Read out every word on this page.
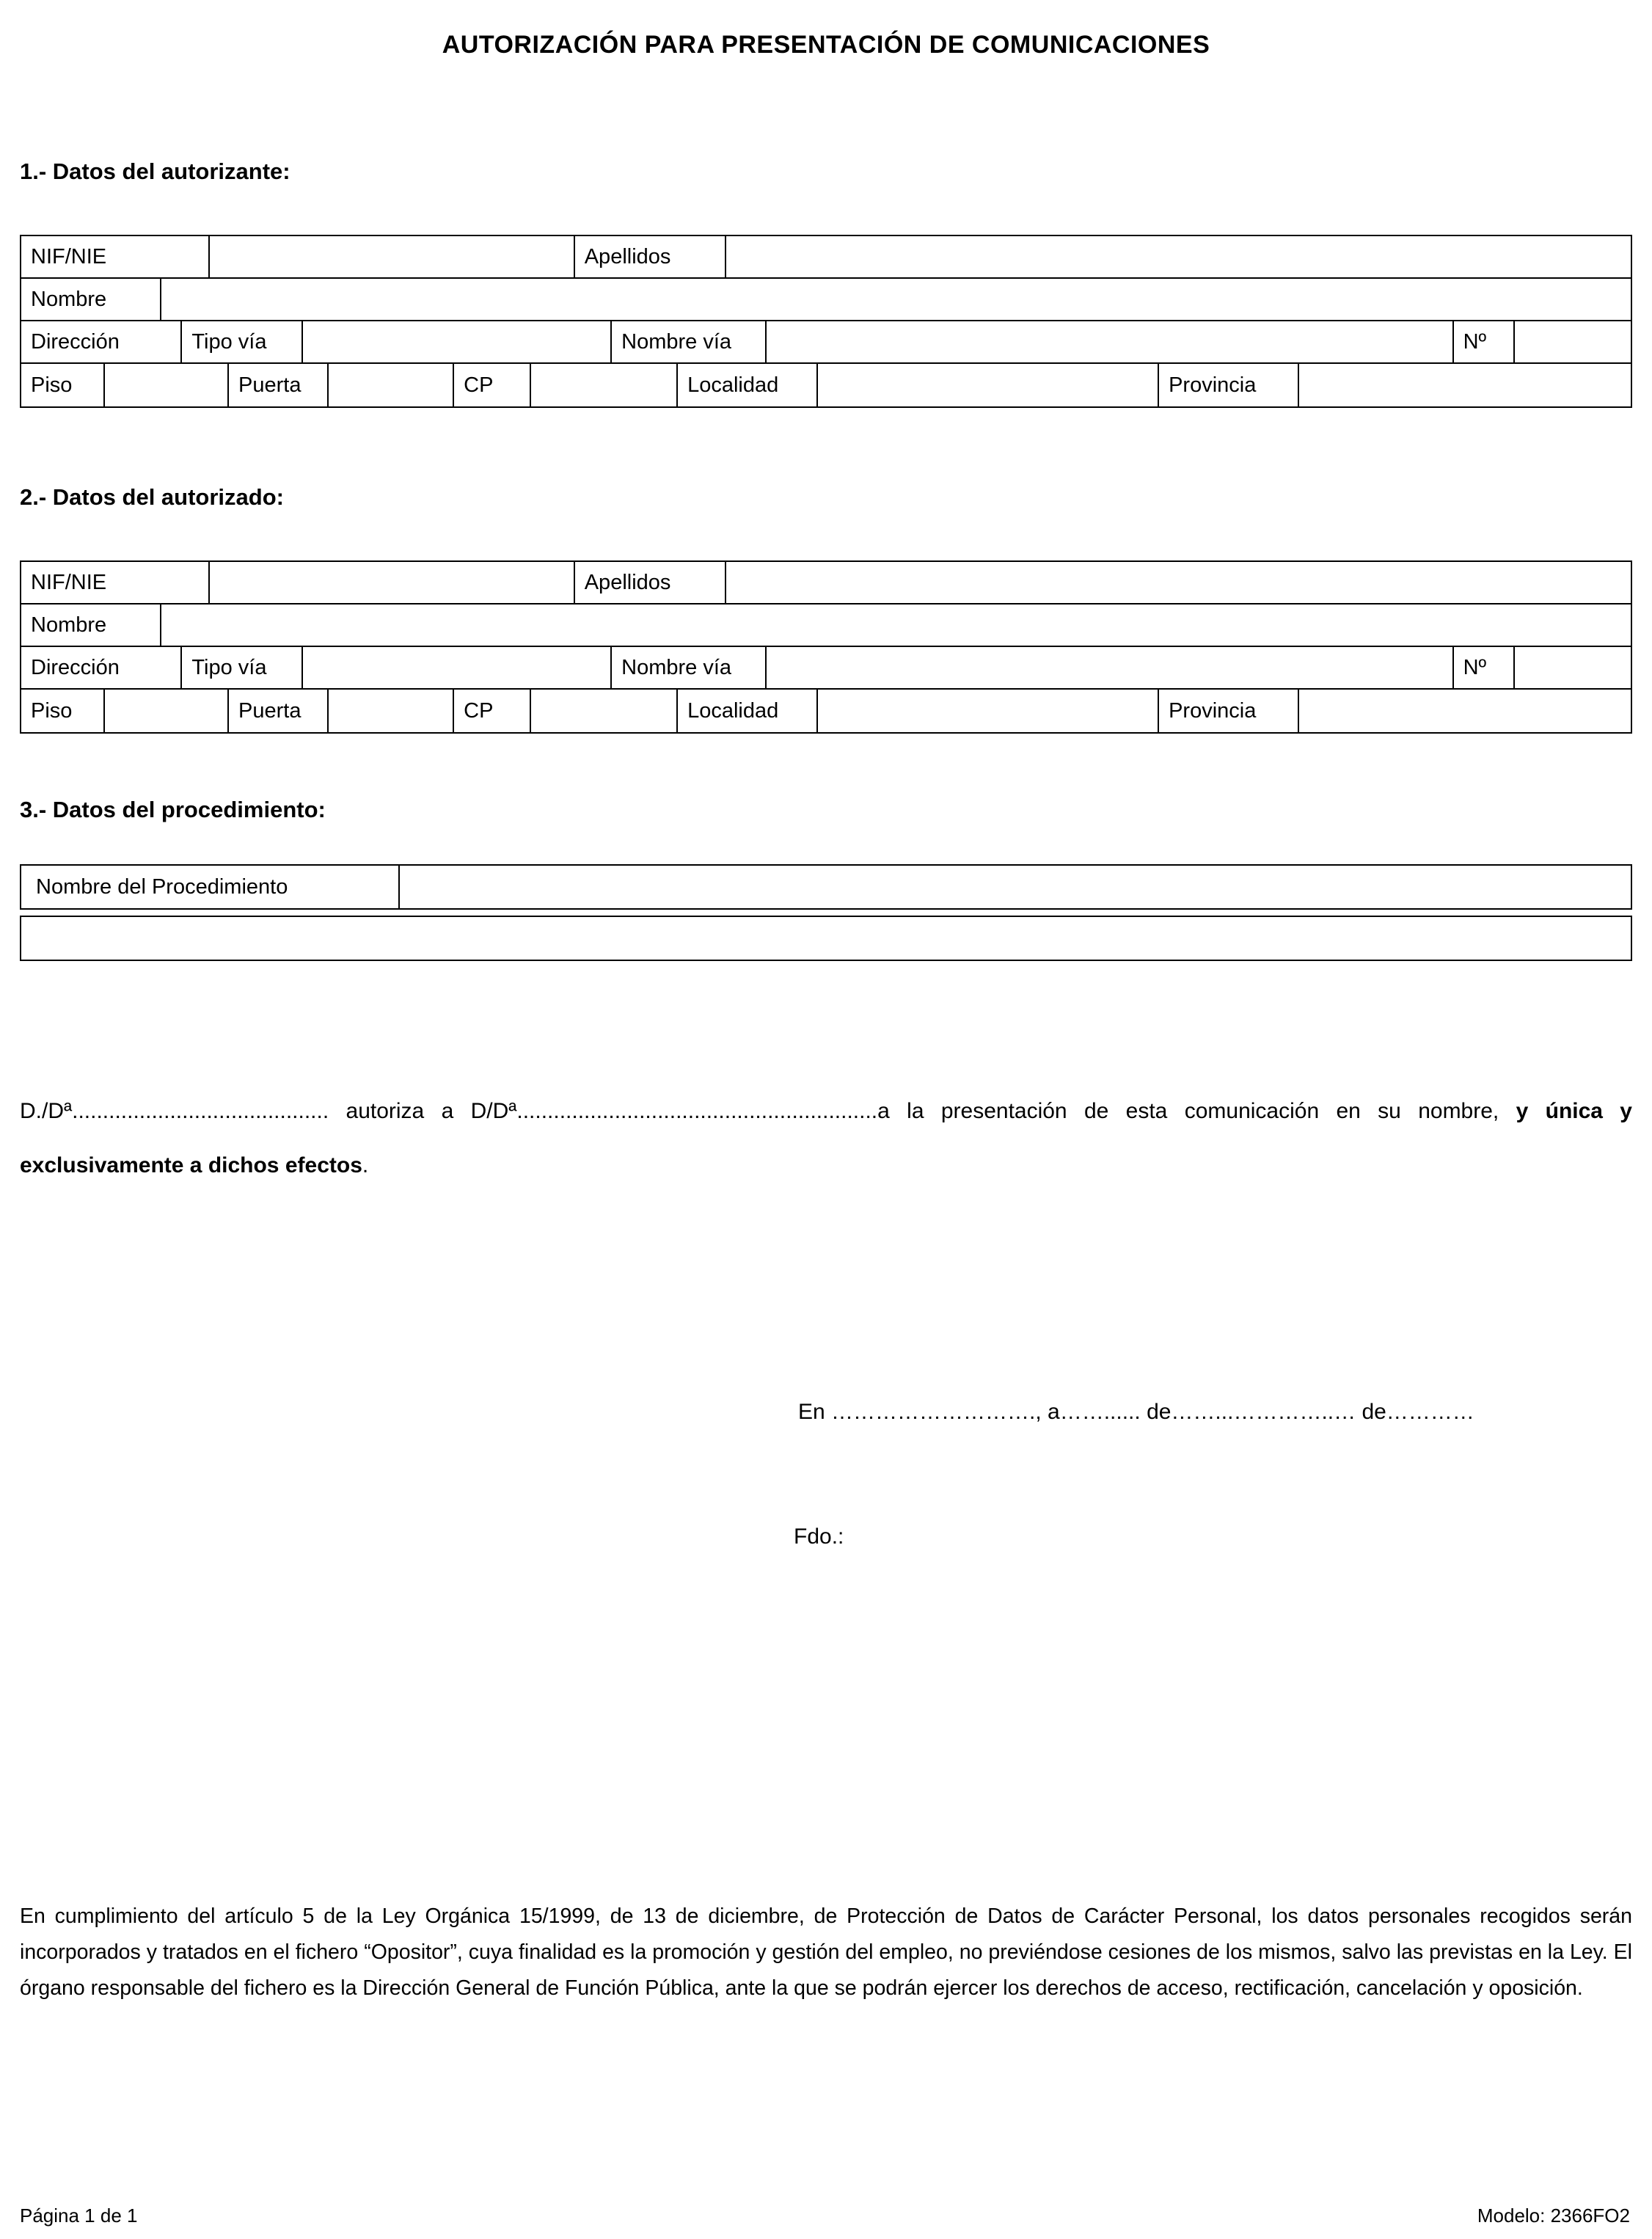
AUTORIZACIÓN PARA PRESENTACIÓN DE COMUNICACIONES
1.- Datos del autorizante:
NIF/NIE	Apellidos
Nombre
Dirección	Tipo vía	Nombre vía	Nº
Piso	Puerta	CP	Localidad	Provincia
2.- Datos del autorizado:
NIF/NIE	Apellidos
Nombre
Dirección	Tipo vía	Nombre vía	Nº
Piso	Puerta	CP	Localidad	Provincia
3.- Datos del procedimiento:
Nombre del Procedimiento
D./Dª.......................................... autoriza a D/Dª...........................................................a la presentación de esta comunicación en su nombre, y única y exclusivamente a dichos efectos.
En ………………………., a……...... de……...…………..… de…………
Fdo.:
En cumplimiento del artículo 5 de la Ley Orgánica 15/1999, de 13 de diciembre, de Protección de Datos de Carácter Personal, los datos personales recogidos serán incorporados y tratados en el fichero “Opositor”, cuya finalidad es la promoción y gestión del empleo, no previéndose cesiones de los mismos, salvo las previstas en la Ley. El órgano responsable del fichero es la Dirección General de Función Pública, ante la que se podrán ejercer los derechos de acceso, rectificación, cancelación y oposición.
Página 1 de 1	Modelo: 2366FO2
